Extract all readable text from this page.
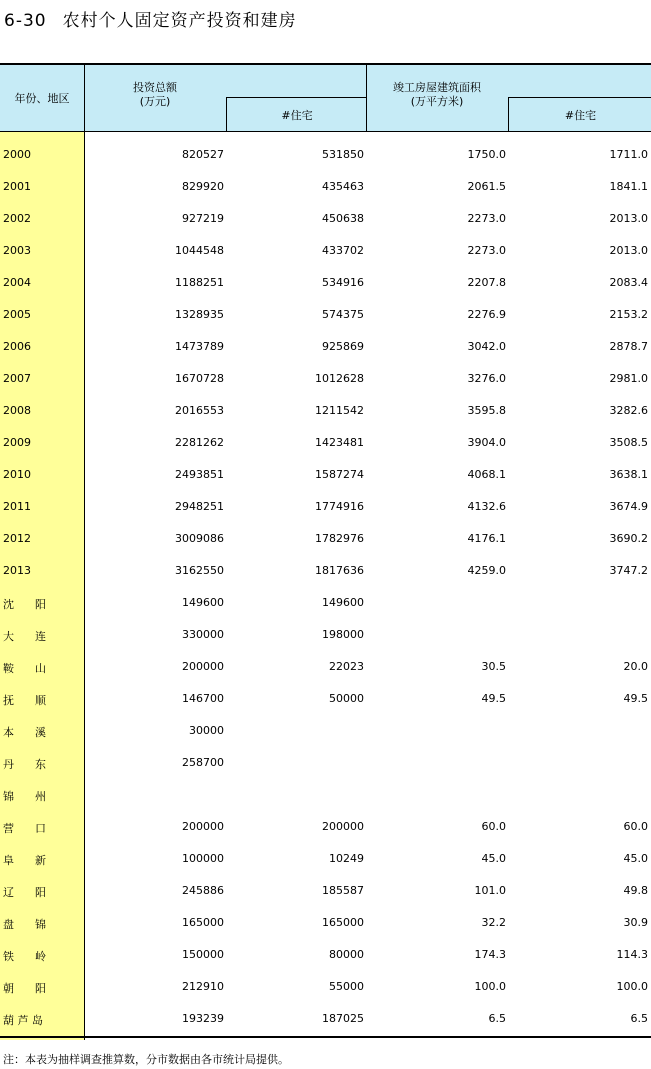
6-30 农村个人固定资产投资和建房
年份、地区
投资总额
(万元)
#住宅
竣工房屋建筑面积
(万平方米)
#住宅
2000	820527	531850	1750.0	1711.0
2001	829920	435463	2061.5	1841.1
2002	927219	450638	2273.0	2013.0
2003	1044548	433702	2273.0	2013.0
2004	1188251	534916	2207.8	2083.4
2005	1328935	574375	2276.9	2153.2
2006	1473789	925869	3042.0	2878.7
2007	1670728	1012628	3276.0	2981.0
2008	2016553	1211542	3595.8	3282.6
2009	2281262	1423481	3904.0	3508.5
2010	2493851	1587274	4068.1	3638.1
2011	2948251	1774916	4132.6	3674.9
2012	3009086	1782976	4176.1	3690.2
2013	3162550	1817636	4259.0	3747.2
沈      阳	149600	149600
大      连	330000	198000
鞍      山	200000	22023	30.5	20.0
抚      顺	146700	50000	49.5	49.5
本      溪	30000
丹      东	258700
锦      州
营      口	200000	200000	60.0	60.0
阜      新	100000	10249	45.0	45.0
辽      阳	245886	185587	101.0	49.8
盘      锦	165000	165000	32.2	30.9
铁      岭	150000	80000	174.3	114.3
朝      阳	212910	55000	100.0	100.0
葫 芦 岛	193239	187025	6.5	6.5
注：本表为抽样调查推算数，分市数据由各市统计局提供。
